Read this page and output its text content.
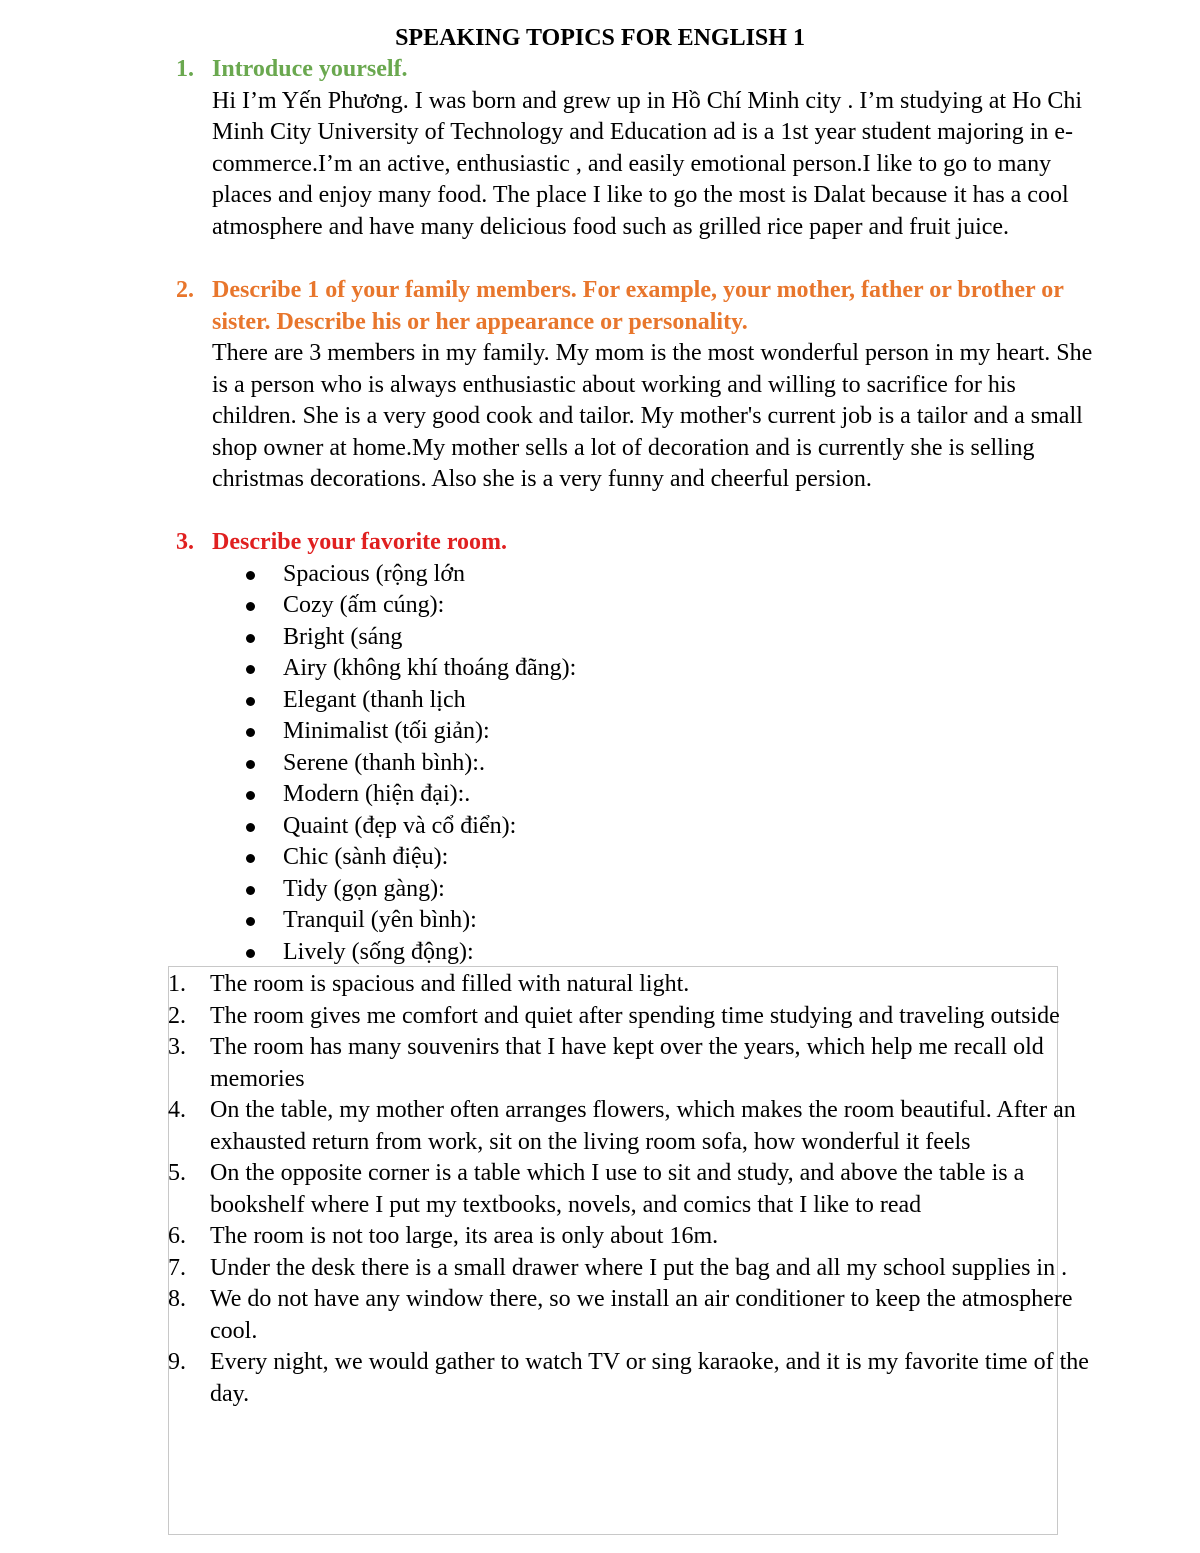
SPEAKING TOPICS FOR ENGLISH 1
1. Introduce yourself.
Hi I’m Yến Phương. I was born and grew up in Hồ Chí Minh city . I’m studying at Ho Chi Minh City University of Technology and Education ad is a 1st year student majoring in e-commerce.I’m an active, enthusiastic , and easily emotional person.I like to go to many places and enjoy many food. The place I like to go the most is Dalat because it has a cool atmosphere and have many delicious food such as grilled rice paper and fruit juice.
2. Describe 1 of your family members. For example, your mother, father or brother or sister. Describe his or her appearance or personality.
There are 3 members in my family. My mom is the most wonderful person in my heart. She is a person who is always enthusiastic about working and willing to sacrifice for his children. She is a very good cook and tailor. My mother's current job is a tailor and a small shop owner at home.My mother sells a lot of decoration and is currently she is selling christmas decorations. Also she is a very funny and cheerful persion.
3. Describe your favorite room.
Spacious (rộng lớn
Cozy (ấm cúng):
Bright (sáng
Airy (không khí thoáng đãng):
Elegant (thanh lịch
Minimalist (tối giản):
Serene (thanh bình):.
Modern (hiện đại):.
Quaint (đẹp và cổ điển):
Chic (sành điệu):
Tidy (gọn gàng):
Tranquil (yên bình):
Lively (sống động):
1. The room is spacious and filled with natural light.
2. The room gives me comfort and quiet after spending time studying and traveling outside
3. The room has many souvenirs that I have kept over the years, which help me recall old memories
4. On the table, my mother often arranges flowers, which makes the room beautiful. After an exhausted return from work, sit on the living room sofa, how wonderful it feels
5. On the opposite corner is a table which I use to sit and study, and above the table is a bookshelf where I put my textbooks, novels, and comics that I like to read
6. The room is not too large, its area is only about 16m.
7. Under the desk there is a small drawer where I put the bag and all my school supplies in .
8. We do not have any window there, so we install an air conditioner to keep the atmosphere cool.
9. Every night, we would gather to watch TV or sing karaoke, and it is my favorite time of the day.
